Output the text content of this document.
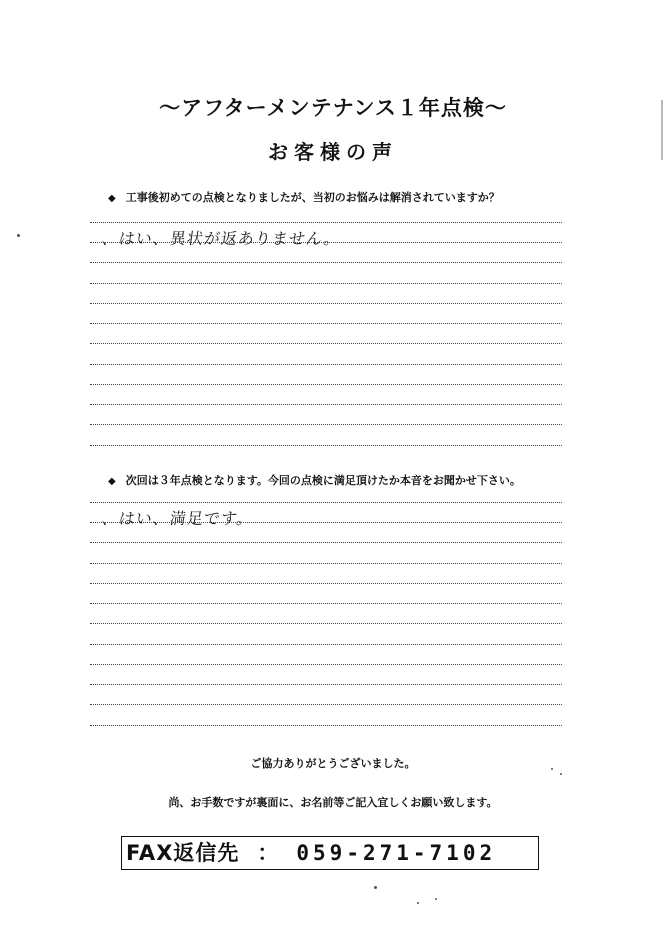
〜アフターメンテナンス１年点検〜
お客様の声
◆ 工事後初めての点検となりましたが、当初のお悩みは解消されていますか？
、はい、異状が返ありません。
◆ 次回は３年点検となります。今回の点検に満足頂けたか本音をお聞かせ下さい。
、はい、満足です。
ご協力ありがとうございました。
尚、お手数ですが裏面に、お名前等ご記入宜しくお願い致します。
FAX返信先 ： 059-271-7102
